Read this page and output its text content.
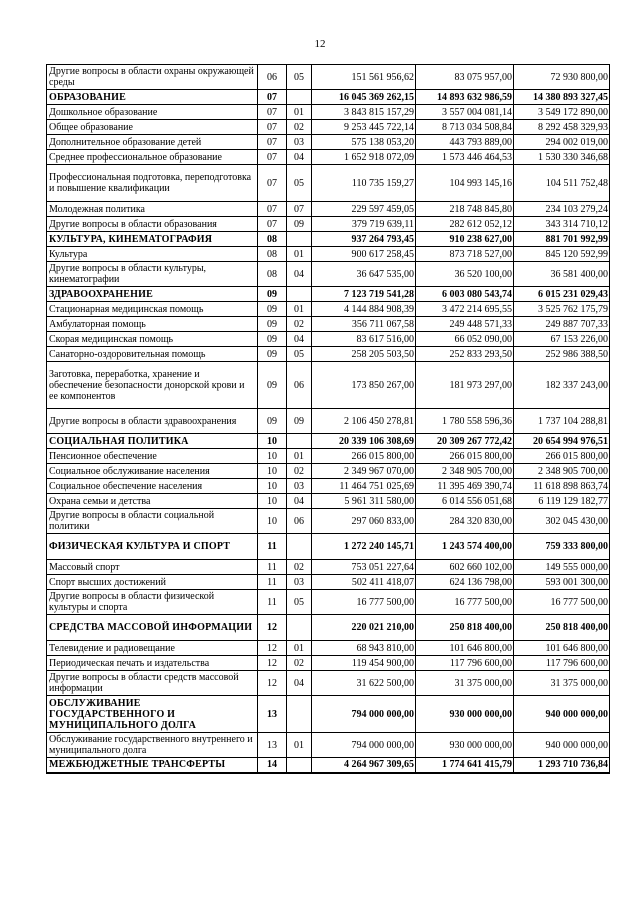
12
Другие вопросы в области охраны окружающей среды	06	05	151 561 956,62	83 075 957,00	72 930 800,00
ОБРАЗОВАНИЕ	07		16 045 369 262,15	14 893 632 986,59	14 380 893 327,45
Дошкольное образование	07	01	3 843 815 157,29	3 557 004 081,14	3 549 172 890,00
Общее образование	07	02	9 253 445 722,14	8 713 034 508,84	8 292 458 329,93
Дополнительное образование детей	07	03	575 138 053,20	443 793 889,00	294 002 019,00
Среднее профессиональное образование	07	04	1 652 918 072,09	1 573 446 464,53	1 530 330 346,68
Профессиональная подготовка, переподготовка и повышение квалификации	07	05	110 735 159,27	104 993 145,16	104 511 752,48
Молодежная политика	07	07	229 597 459,05	218 748 845,80	234 103 279,24
Другие вопросы в области образования	07	09	379 719 639,11	282 612 052,12	343 314 710,12
КУЛЬТУРА, КИНЕМАТОГРАФИЯ	08		937 264 793,45	910 238 627,00	881 701 992,99
Культура	08	01	900 617 258,45	873 718 527,00	845 120 592,99
Другие вопросы в области культуры, кинематографии	08	04	36 647 535,00	36 520 100,00	36 581 400,00
ЗДРАВООХРАНЕНИЕ	09		7 123 719 541,28	6 003 080 543,74	6 015 231 029,43
Стационарная медицинская помощь	09	01	4 144 884 908,39	3 472 214 695,55	3 525 762 175,79
Амбулаторная помощь	09	02	356 711 067,58	249 448 571,33	249 887 707,33
Скорая медицинская помощь	09	04	83 617 516,00	66 052 090,00	67 153 226,00
Санаторно-оздоровительная помощь	09	05	258 205 503,50	252 833 293,50	252 986 388,50
Заготовка, переработка, хранение и обеспечение безопасности донорской крови и ее компонентов	09	06	173 850 267,00	181 973 297,00	182 337 243,00
Другие вопросы в области здравоохранения	09	09	2 106 450 278,81	1 780 558 596,36	1 737 104 288,81
СОЦИАЛЬНАЯ ПОЛИТИКА	10		20 339 106 308,69	20 309 267 772,42	20 654 994 976,51
Пенсионное обеспечение	10	01	266 015 800,00	266 015 800,00	266 015 800,00
Социальное обслуживание населения	10	02	2 349 967 070,00	2 348 905 700,00	2 348 905 700,00
Социальное обеспечение населения	10	03	11 464 751 025,69	11 395 469 390,74	11 618 898 863,74
Охрана семьи и детства	10	04	5 961 311 580,00	6 014 556 051,68	6 119 129 182,77
Другие вопросы в области социальной политики	10	06	297 060 833,00	284 320 830,00	302 045 430,00
ФИЗИЧЕСКАЯ КУЛЬТУРА И СПОРТ	11		1 272 240 145,71	1 243 574 400,00	759 333 800,00
Массовый спорт	11	02	753 051 227,64	602 660 102,00	149 555 000,00
Спорт высших достижений	11	03	502 411 418,07	624 136 798,00	593 001 300,00
Другие вопросы в области физической культуры и спорта	11	05	16 777 500,00	16 777 500,00	16 777 500,00
СРЕДСТВА МАССОВОЙ ИНФОРМАЦИИ	12		220 021 210,00	250 818 400,00	250 818 400,00
Телевидение и радиовещание	12	01	68 943 810,00	101 646 800,00	101 646 800,00
Периодическая печать и издательства	12	02	119 454 900,00	117 796 600,00	117 796 600,00
Другие вопросы в области средств массовой информации	12	04	31 622 500,00	31 375 000,00	31 375 000,00
ОБСЛУЖИВАНИЕ ГОСУДАРСТВЕННОГО И МУНИЦИПАЛЬНОГО ДОЛГА	13		794 000 000,00	930 000 000,00	940 000 000,00
Обслуживание государственного внутреннего и муниципального долга	13	01	794 000 000,00	930 000 000,00	940 000 000,00
МЕЖБЮДЖЕТНЫЕ ТРАНСФЕРТЫ	14		4 264 967 309,65	1 774 641 415,79	1 293 710 736,84
